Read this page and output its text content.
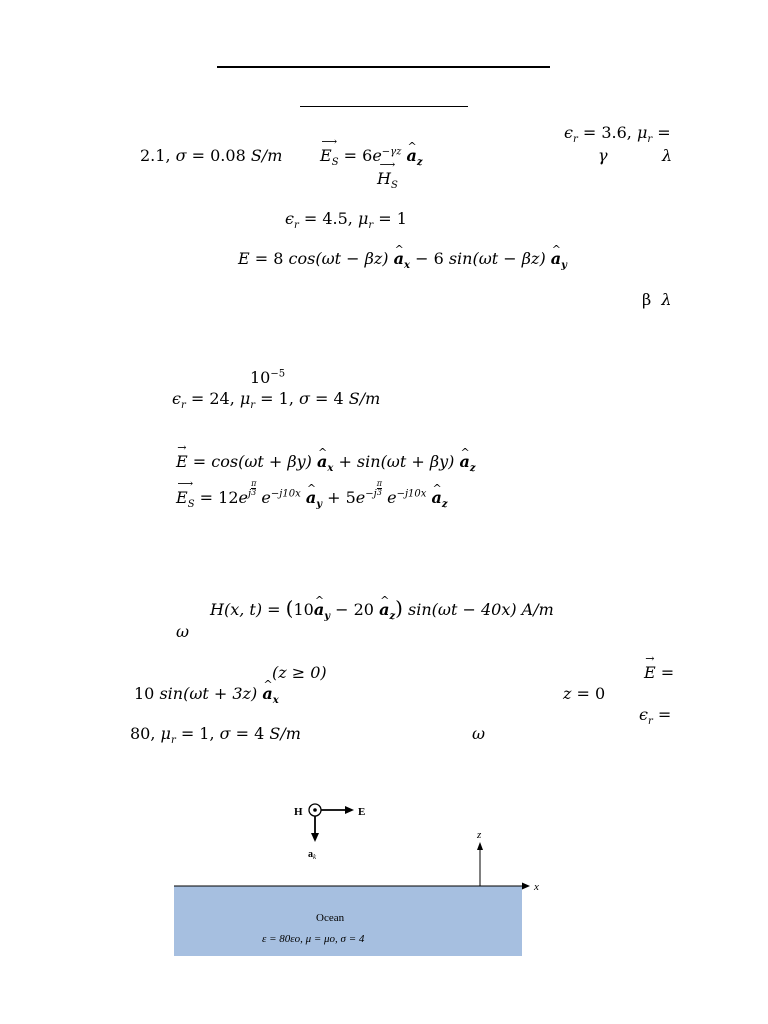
$\epsilon_r = 3.6$, $\mu_r$ =
2.1, σ = 0.08 S/m $E_S$
⟶
= $6e^{-\gamma z}$ ^ $a_z$	γ	λ
$H_S$
⟶
$\epsilon_r = 4.5$, $\mu_r = 1$
E = 8 cos(ωt − βz) ^ $a_x - 6$ sin(ωt − βz) ^ $a_y$
β  λ
$10^{-5}$
$\epsilon_r = 24$, $\mu_r = 1$, σ = 4 S/m
E
→
= cos(ωt + βy) ^ $a_x + \sin(\omega t + \beta y)$ ^ $a_z$
$E_S$
⟶
= $12e^j \frac{\pi}{3} e^{-j10x}$ ^ $a_y + 5e^{-j} \frac{\pi}{3} e^{-j10x}$ ^ $a_z$
H(x, t) = (10^ $a_y - 20$ ^ $a_z$) sin(ωt − 40x) A/m
ω
(z ≥ 0)	E
→
=
10 sin(ωt + 3z) ^ $a_x$	z = 0
$\epsilon_r$ =
80, $\mu_r = 1$, σ = 4 S/m	ω
x
z
H	E
$a_k$
Ocean
ε = 80εo, μ = μo, σ = 4
